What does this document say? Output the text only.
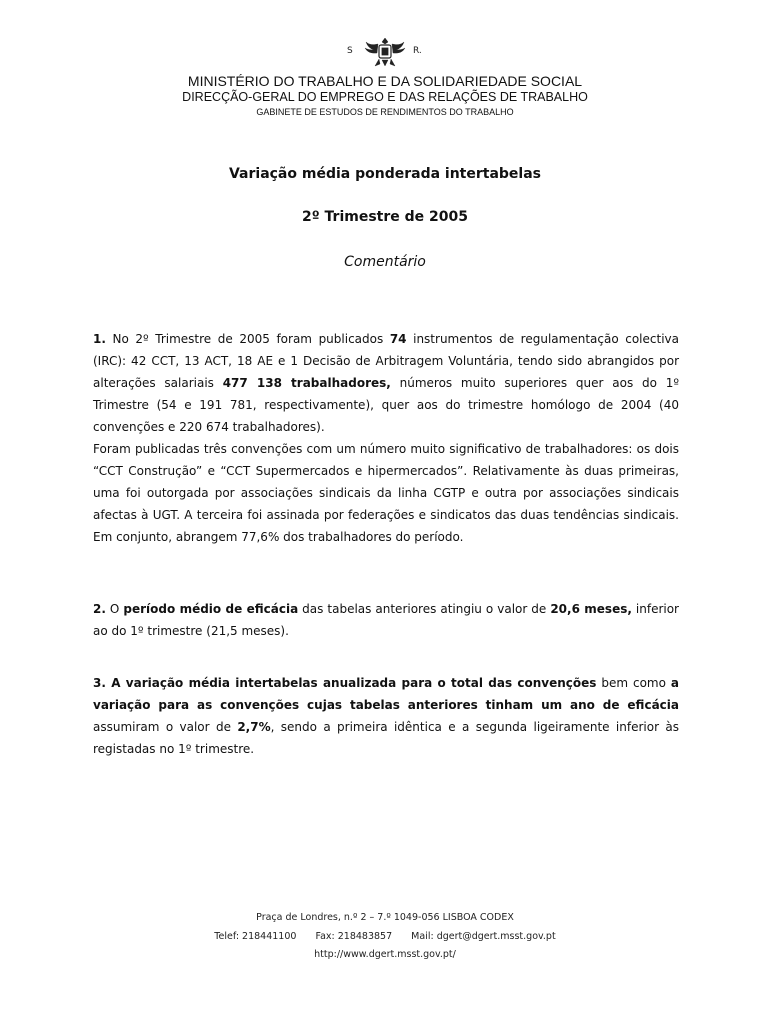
S	R.
MINISTÉRIO DO TRABALHO E DA SOLIDARIEDADE SOCIAL
DIRECÇÃO-GERAL DO EMPREGO E DAS RELAÇÕES DE TRABALHO
GABINETE DE ESTUDOS DE RENDIMENTOS DO TRABALHO
Variação média ponderada intertabelas
2º Trimestre de 2005
Comentário
1. No 2º Trimestre de 2005 foram publicados 74 instrumentos de regulamentação colectiva (IRC): 42 CCT, 13 ACT, 18 AE e 1 Decisão de Arbitragem Voluntária, tendo sido abrangidos por alterações salariais 477 138 trabalhadores, números muito superiores quer aos do 1º Trimestre (54 e 191 781, respectivamente), quer aos do trimestre homólogo de 2004 (40 convenções e 220 674 trabalhadores).
Foram publicadas três convenções com um número muito significativo de trabalhadores: os dois “CCT Construção” e “CCT Supermercados e hipermercados”. Relativamente às duas primeiras, uma foi outorgada por associações sindicais da linha CGTP e outra por associações sindicais afectas à UGT. A terceira foi assinada por federações e sindicatos das duas tendências sindicais. Em conjunto, abrangem 77,6% dos trabalhadores do período.
2. O período médio de eficácia das tabelas anteriores atingiu o valor de 20,6 meses, inferior ao do 1º trimestre (21,5 meses).
3. A variação média intertabelas anualizada para o total das convenções bem como a variação para as convenções cujas tabelas anteriores tinham um ano de eficácia assumiram o valor de 2,7%, sendo a primeira idêntica e a segunda ligeiramente inferior às registadas no 1º trimestre.
Praça de Londres, n.º 2 – 7.º 1049-056 LISBOA CODEX
Telef: 218441100 Fax: 218483857 Mail: dgert@dgert.msst.gov.pt
http://www.dgert.msst.gov.pt/
